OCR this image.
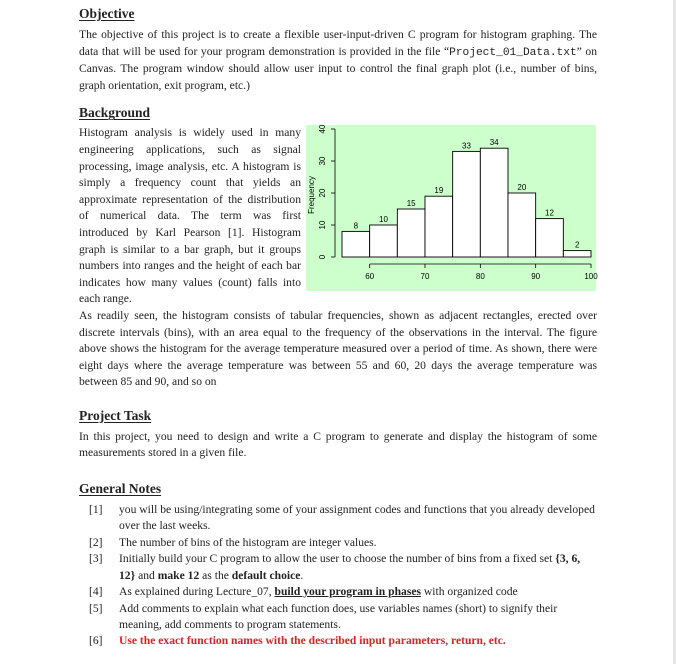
Objective

The objective of this project is to create a flexible user-input-driven C program for histogram graphing. The data that will be used for your program demonstration is provided in the file “Project_01_Data.txt” on Canvas. The program window should allow user input to control the final graph plot (i.e., number of bins, graph orientation, exit program, etc.)

Background
8
10
15
19
33 34
20
12
2
60	70	80	90	100
0
10
20
30
40
Frequency

Histogram analysis is widely used in many engineering applications, such as signal processing, image analysis, etc. A histogram is simply a frequency count that yields an approximate representation of the distribution of numerical data. The term was first introduced by Karl Pearson [1]. Histogram graph is similar to a bar graph, but it groups numbers into ranges and the height of each bar indicates how many values (count) falls into each range.

As readily seen, the histogram consists of tabular frequencies, shown as adjacent rectangles, erected over discrete intervals (bins), with an area equal to the frequency of the observations in the interval. The figure above shows the histogram for the average temperature measured over a period of time. As shown, there were eight days where the average temperature was between 55 and 60, 20 days the average temperature was between 85 and 90, and so on

Project Task

In this project, you need to design and write a C program to generate and display the histogram of some measurements stored in a given file.

General Notes
[1] you will be using/integrating some of your assignment codes and functions that you already developed over the last weeks.
[2] The number of bins of the histogram are integer values.
[3] Initially build your C program to allow the user to choose the number of bins from a fixed set {3, 6, 12} and make 12 as the default choice.
[4] As explained during Lecture_07, build your program in phases with organized code
[5] Add comments to explain what each function does, use variables names (short) to signify their meaning, add comments to program statements.
[6] Use the exact function names with the described input parameters, return, etc.
